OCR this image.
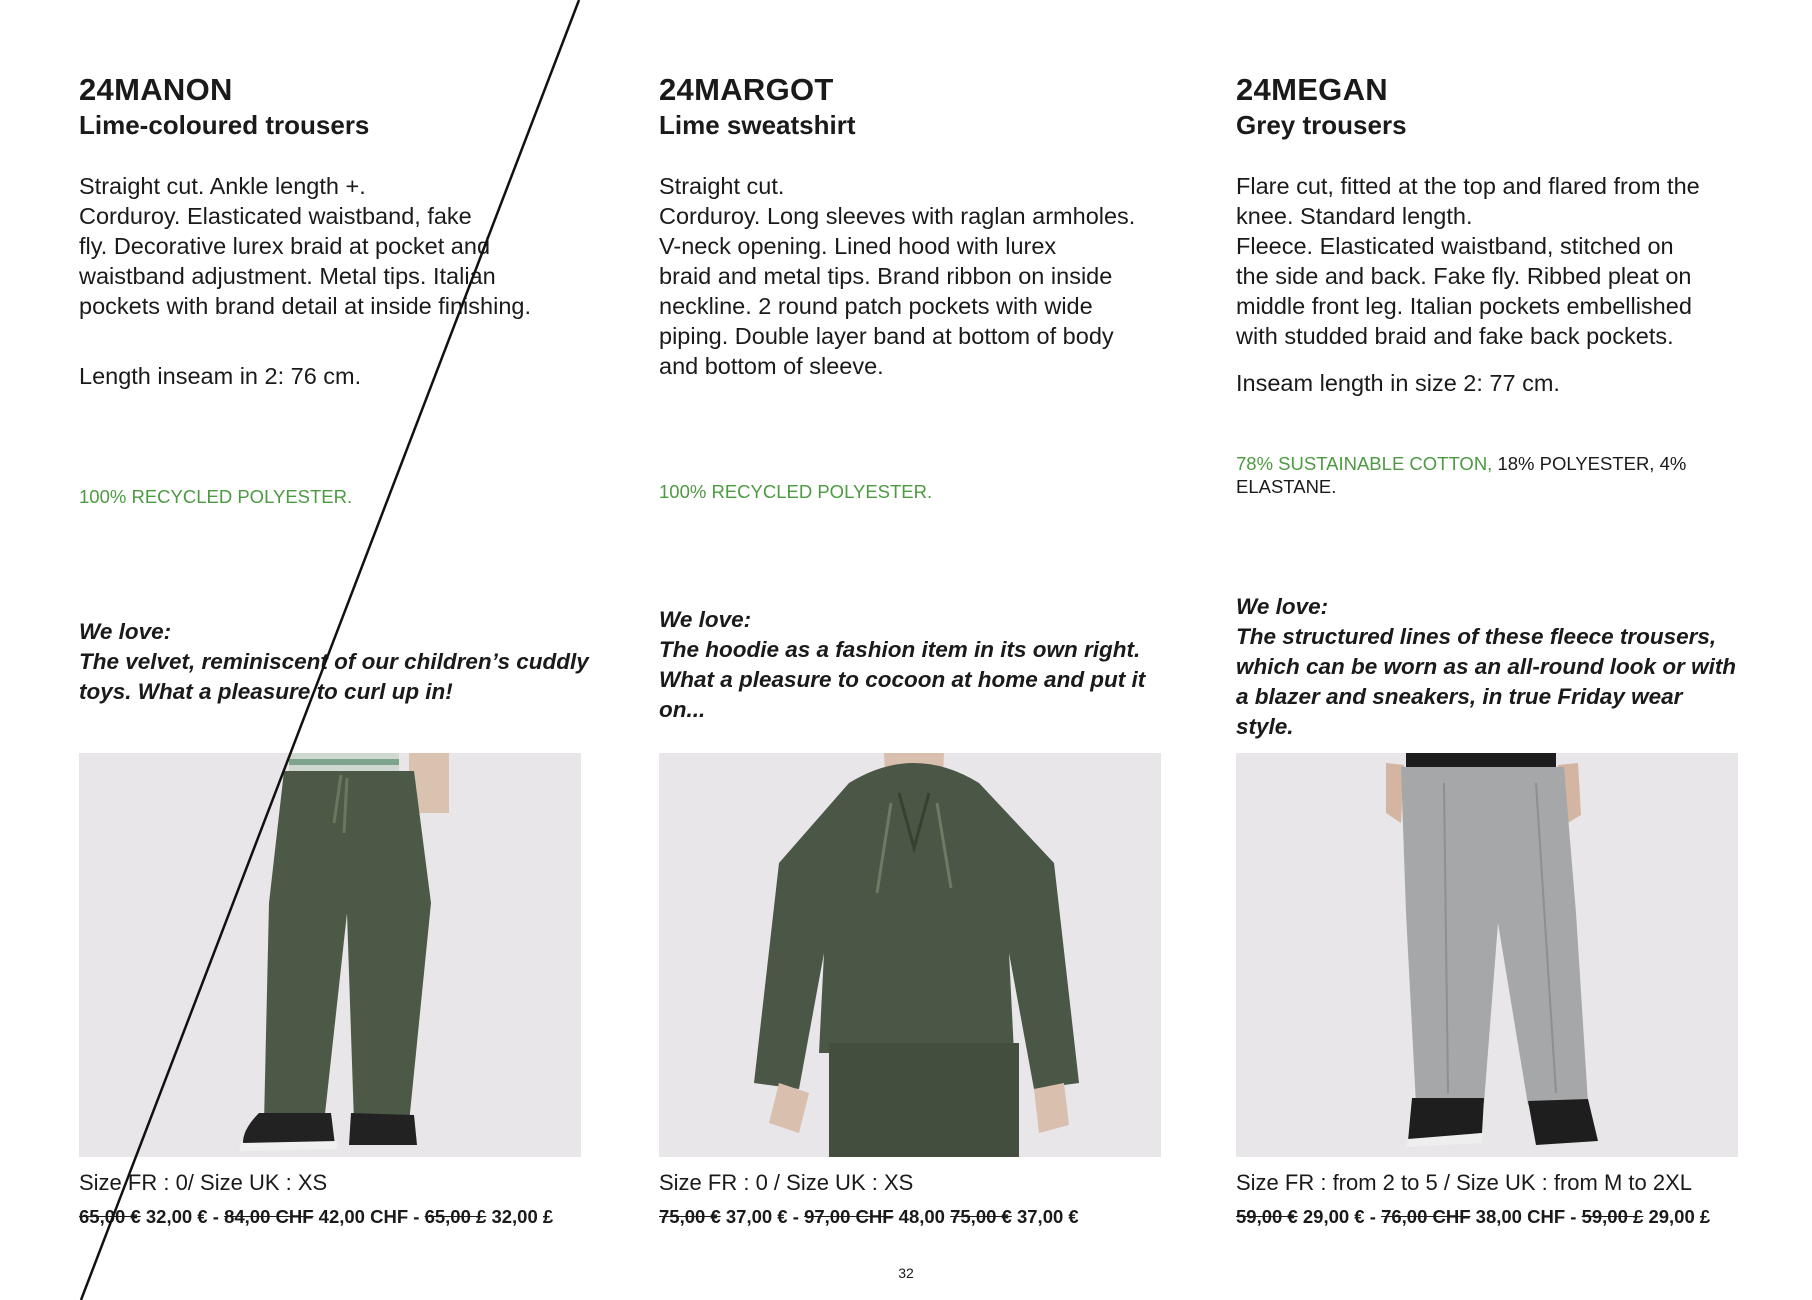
24MANON
Lime-coloured trousers

Straight cut. Ankle length +.
Corduroy. Elasticated waistband, fake
fly. Decorative lurex braid at pocket and
waistband adjustment. Metal tips. Italian
pockets with brand detail at inside finishing.

Length inseam in 2: 76 cm.
100% RECYCLED POLYESTER.
We love:
The velvet, reminiscent of our children’s cuddly toys. What a pleasure to curl up in!
Size FR : 0/ Size UK : XS
65,00 € 32,00 € - 84,00 CHF 42,00 CHF - 65,00 £ 32,00 £
24MARGOT
Lime sweatshirt

Straight cut.
Corduroy. Long sleeves with raglan armholes.
V-neck opening. Lined hood with lurex
braid and metal tips. Brand ribbon on inside
neckline. 2 round patch pockets with wide
piping. Double layer band at bottom of body
and bottom of sleeve.

100% RECYCLED POLYESTER.
We love:
The hoodie as a fashion item in its own right. What a pleasure to cocoon at home and put it on...
Size FR : 0 / Size UK : XS
75,00 € 37,00 € - 97,00 CHF 48,00 75,00 € 37,00 €
24MEGAN
Grey trousers

Flare cut, fitted at the top and flared from the
knee. Standard length.
Fleece. Elasticated waistband, stitched on
the side and back. Fake fly. Ribbed pleat on
middle front leg. Italian pockets embellished
with studded braid and fake back pockets.

Inseam length in size 2: 77 cm.
78% SUSTAINABLE COTTON, 18% POLYESTER, 4% ELASTANE.
We love:
The structured lines of these fleece trousers, which can be worn as an all-round look or with a blazer and sneakers, in true Friday wear style.
Size FR : from 2 to 5 / Size UK : from M to 2XL
59,00 € 29,00 € - 76,00 CHF 38,00 CHF - 59,00 £ 29,00 £
32
